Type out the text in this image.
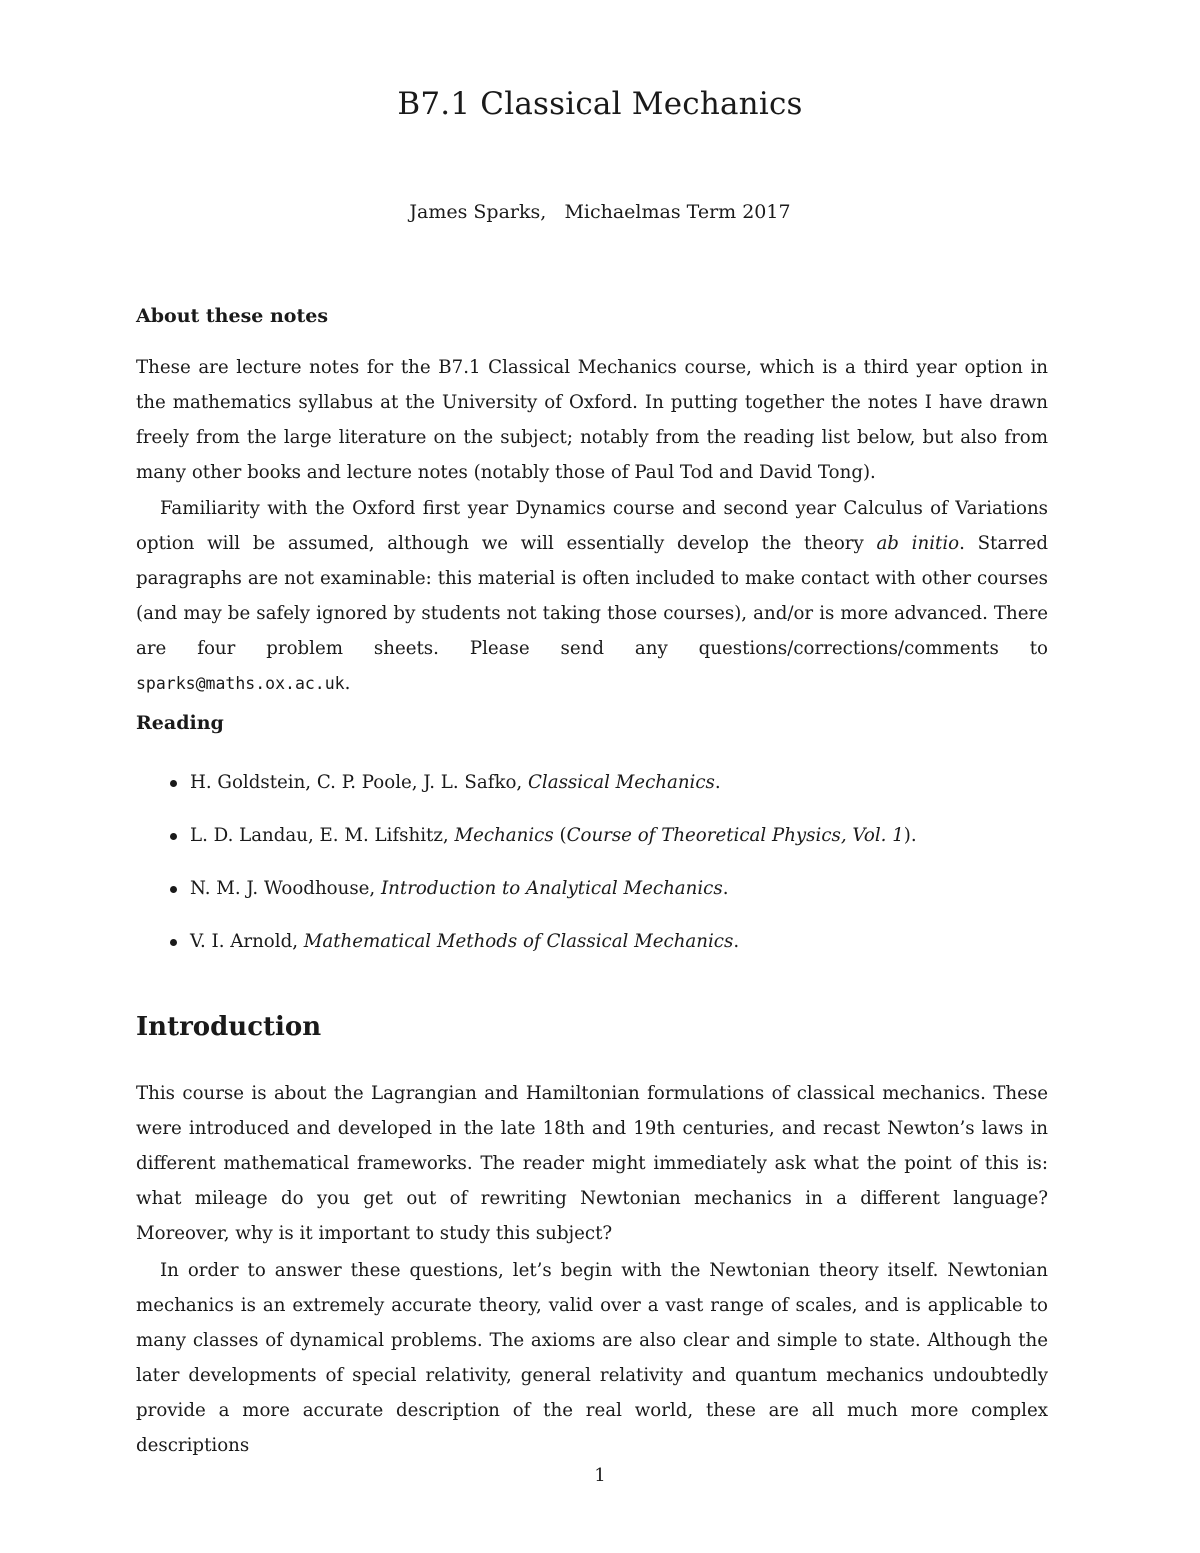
B7.1 Classical Mechanics
James Sparks, Michaelmas Term 2017
About these notes

These are lecture notes for the B7.1 Classical Mechanics course, which is a third year option in the mathematics syllabus at the University of Oxford. In putting together the notes I have drawn freely from the large literature on the subject; notably from the reading list below, but also from many other books and lecture notes (notably those of Paul Tod and David Tong).

Familiarity with the Oxford first year Dynamics course and second year Calculus of Variations option will be assumed, although we will essentially develop the theory ab initio. Starred paragraphs are not examinable: this material is often included to make contact with other courses (and may be safely ignored by students not taking those courses), and/or is more advanced. There are four problem sheets. Please send any questions/corrections/comments to sparks@maths.ox.ac.uk.

Reading
H. Goldstein, C. P. Poole, J. L. Safko, Classical Mechanics.
L. D. Landau, E. M. Lifshitz, Mechanics (Course of Theoretical Physics, Vol. 1).
N. M. J. Woodhouse, Introduction to Analytical Mechanics.
V. I. Arnold, Mathematical Methods of Classical Mechanics.
Introduction

This course is about the Lagrangian and Hamiltonian formulations of classical mechanics. These were introduced and developed in the late 18th and 19th centuries, and recast Newton’s laws in different mathematical frameworks. The reader might immediately ask what the point of this is: what mileage do you get out of rewriting Newtonian mechanics in a different language? Moreover, why is it important to study this subject?

In order to answer these questions, let’s begin with the Newtonian theory itself. Newtonian mechanics is an extremely accurate theory, valid over a vast range of scales, and is applicable to many classes of dynamical problems. The axioms are also clear and simple to state. Although the later developments of special relativity, general relativity and quantum mechanics undoubtedly provide a more accurate description of the real world, these are all much more complex descriptions

1
